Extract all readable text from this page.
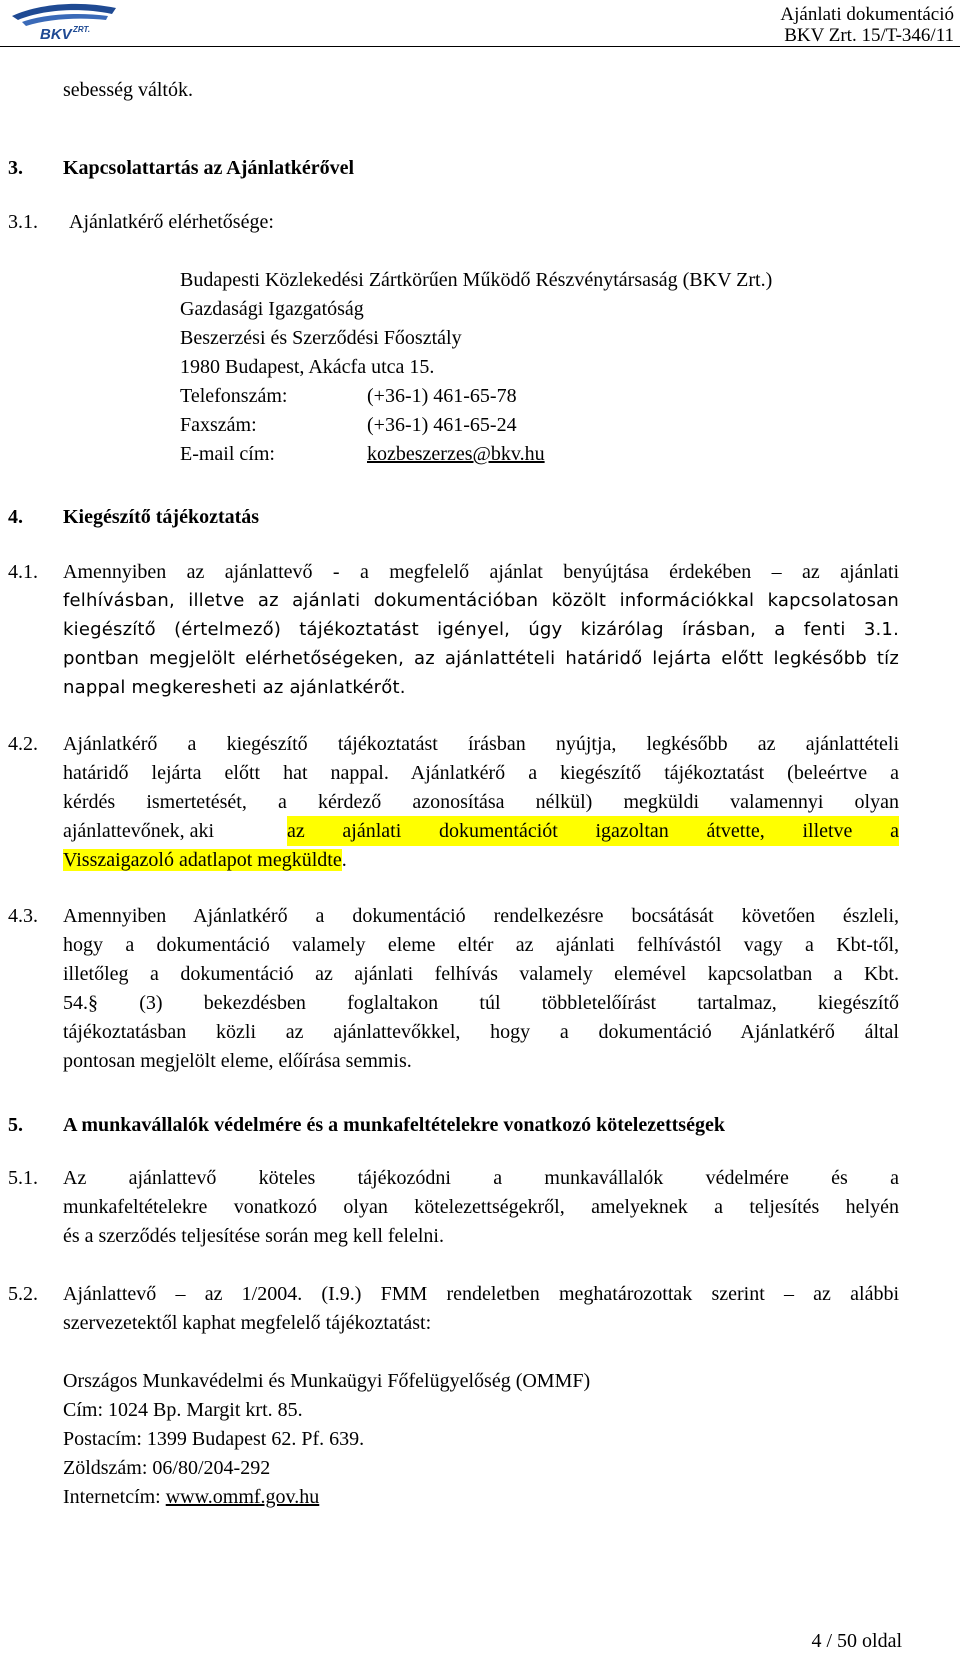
BKV ZRT.
Ajánlati dokumentáció
BKV Zrt. 15/T-346/11
sebesség váltók.
3. Kapcsolattartás az Ajánlatkérővel
3.1. Ajánlatkérő elérhetősége:
Budapesti Közlekedési Zártkörűen Működő Részvénytársaság (BKV Zrt.)
Gazdasági Igazgatóság
Beszerzési és Szerződési Főosztály
1980 Budapest, Akácfa utca 15.
Telefonszám:	(+36-1) 461-65-78
Faxszám:	(+36-1) 461-65-24
E-mail cím:	kozbeszerzes@bkv.hu
4. Kiegészítő tájékoztatás
4.1. Amennyiben az ajánlattevő - a megfelelő ajánlat benyújtása érdekében – az ajánlati
felhívásban, illetve az ajánlati dokumentációban közölt információkkal kapcsolatosan
kiegészítő (értelmező) tájékoztatást igényel, úgy kizárólag írásban, a fenti 3.1.
pontban megjelölt elérhetőségeken, az ajánlattételi határidő lejárta előtt legkésőbb tíz
nappal megkeresheti az ajánlatkérőt.
4.2. Ajánlatkérő a kiegészítő tájékoztatást írásban nyújtja, legkésőbb az ajánlattételi
határidő lejárta előtt hat nappal. Ajánlatkérő a kiegészítő tájékoztatást (beleértve a
kérdés ismertetését, a kérdező azonosítása nélkül) megküldi valamennyi olyan
ajánlattevőnek, aki	az ajánlati dokumentációt igazoltan átvette, illetve a
Visszaigazoló adatlapot megküldte.
4.3. Amennyiben Ajánlatkérő a dokumentáció rendelkezésre bocsátását követően észleli,
hogy a dokumentáció valamely eleme eltér az ajánlati felhívástól vagy a Kbt-től,
illetőleg a dokumentáció az ajánlati felhívás valamely elemével kapcsolatban a Kbt.
54.§ (3) bekezdésben foglaltakon túl többletelőírást tartalmaz, kiegészítő
tájékoztatásban közli az ajánlattevőkkel, hogy a dokumentáció Ajánlatkérő által
pontosan megjelölt eleme, előírása semmis.
5. A munkavállalók védelmére és a munkafeltételekre vonatkozó kötelezettségek
5.1. Az ajánlattevő köteles tájékozódni a munkavállalók védelmére és a
munkafeltételekre vonatkozó olyan kötelezettségekről, amelyeknek a teljesítés helyén
és a szerződés teljesítése során meg kell felelni.
5.2. Ajánlattevő – az 1/2004. (I.9.) FMM rendeletben meghatározottak szerint – az alábbi
szervezetektől kaphat megfelelő tájékoztatást:
Országos Munkavédelmi és Munkaügyi Főfelügyelőség (OMMF)
Cím: 1024 Bp. Margit krt. 85.
Postacím: 1399 Budapest 62. Pf. 639.
Zöldszám: 06/80/204-292
Internetcím: www.ommf.gov.hu
4 / 50 oldal
